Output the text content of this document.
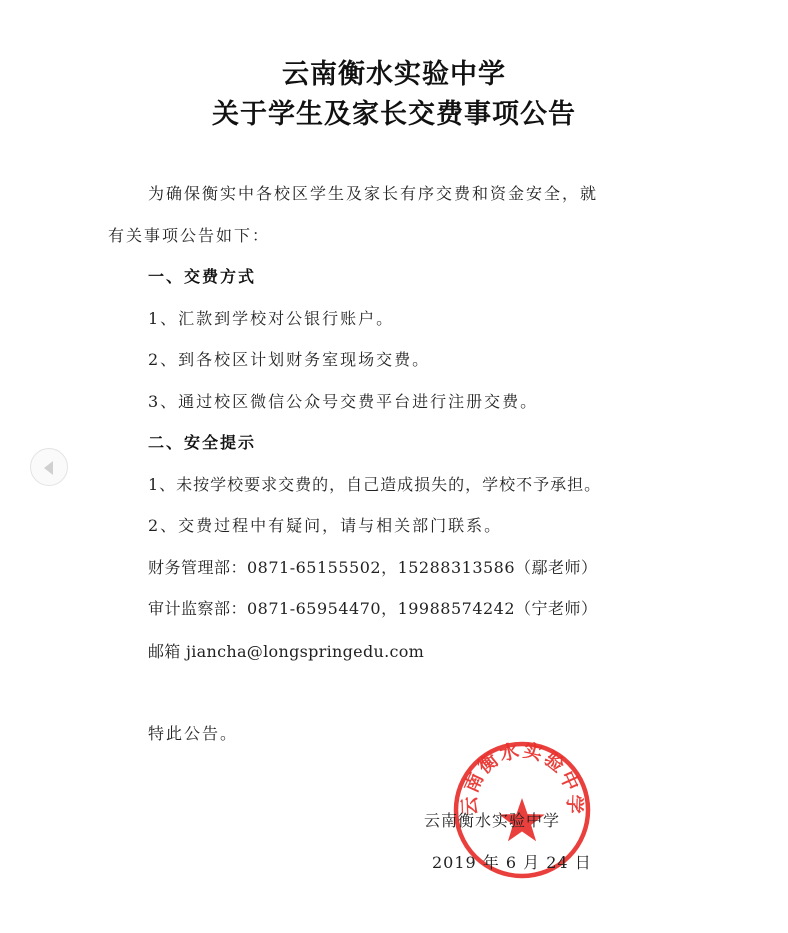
云南衡水实验中学
关于学生及家长交费事项公告
为确保衡实中各校区学生及家长有序交费和资金安全，就
有关事项公告如下：
一、交费方式
1、汇款到学校对公银行账户。
2、到各校区计划财务室现场交费。
3、通过校区微信公众号交费平台进行注册交费。
二、安全提示
1、未按学校要求交费的，自己造成损失的，学校不予承担。
2、交费过程中有疑问，请与相关部门联系。
财务管理部：0871-65155502，15288313586（鄢老师）
审计监察部：0871-65954470，19988574242（宁老师）
邮箱 jiancha@longspringedu.com
特此公告。
云南衡水实验中学
云南衡水实验中学
2019 年 6 月 24 日
